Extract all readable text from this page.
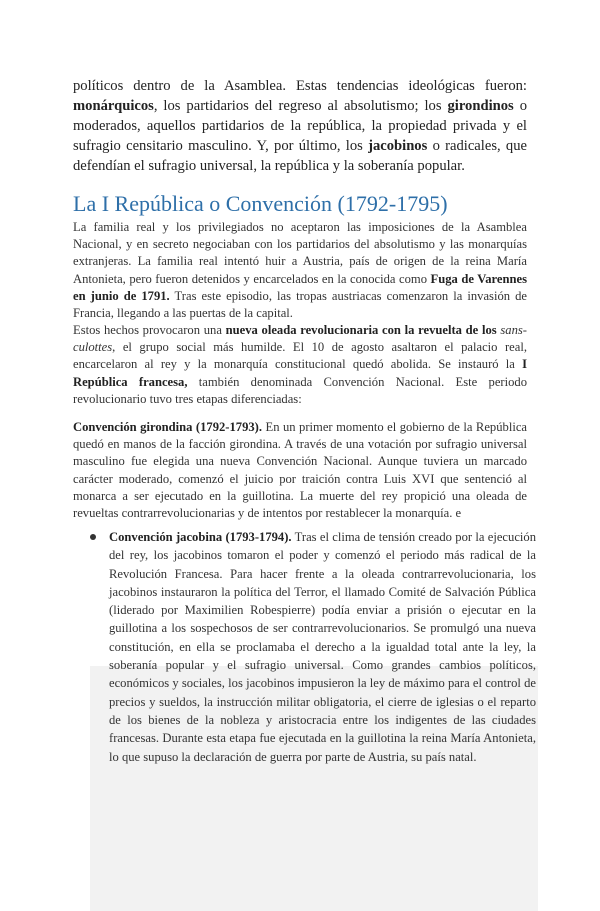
políticos dentro de la Asamblea. Estas tendencias ideológicas fueron: monárquicos, los partidarios del regreso al absolutismo; los girondinos o moderados, aquellos partidarios de la república, la propiedad privada y el sufragio censitario masculino. Y, por último, los jacobinos o radicales, que defendían el sufragio universal, la república y la soberanía popular.

La I República o Convención (1792-1795)

La familia real y los privilegiados no aceptaron las imposiciones de la Asamblea Nacional, y en secreto negociaban con los partidarios del absolutismo y las monarquías extranjeras. La familia real intentó huir a Austria, país de origen de la reina María Antonieta, pero fueron detenidos y encarcelados en la conocida como Fuga de Varennes en junio de 1791. Tras este episodio, las tropas austriacas comenzaron la invasión de Francia, llegando a las puertas de la capital.

Estos hechos provocaron una nueva oleada revolucionaria con la revuelta de los sans-culottes, el grupo social más humilde. El 10 de agosto asaltaron el palacio real, encarcelaron al rey y la monarquía constitucional quedó abolida. Se instauró la I República francesa, también denominada Convención Nacional. Este periodo revolucionario tuvo tres etapas diferenciadas:

Convención girondina (1792-1793). En un primer momento el gobierno de la República quedó en manos de la facción girondina. A través de una votación por sufragio universal masculino fue elegida una nueva Convención Nacional. Aunque tuviera un marcado carácter moderado, comenzó el juicio por traición contra Luis XVI que sentenció al monarca a ser ejecutado en la guillotina. La muerte del rey propició una oleada de revueltas contrarrevolucionarias y de intentos por restablecer la monarquía. e

Convención jacobina (1793-1794). Tras el clima de tensión creado por la ejecución del rey, los jacobinos tomaron el poder y comenzó el periodo más radical de la Revolución Francesa. Para hacer frente a la oleada contrarrevolucionaria, los jacobinos instauraron la política del Terror, el llamado Comité de Salvación Pública (liderado por Maximilien Robespierre) podía enviar a prisión o ejecutar en la guillotina a los sospechosos de ser contrarrevolucionarios. Se promulgó una nueva constitución, en ella se proclamaba el derecho a la igualdad total ante la ley, la soberanía popular y el sufragio universal. Como grandes cambios políticos, económicos y sociales, los jacobinos impusieron la ley de máximo para el control de precios y sueldos, la instrucción militar obligatoria, el cierre de iglesias o el reparto de los bienes de la nobleza y aristocracia entre los indigentes de las ciudades francesas. Durante esta etapa fue ejecutada en la guillotina la reina María Antonieta, lo que supuso la declaración de guerra por parte de Austria, su país natal.
